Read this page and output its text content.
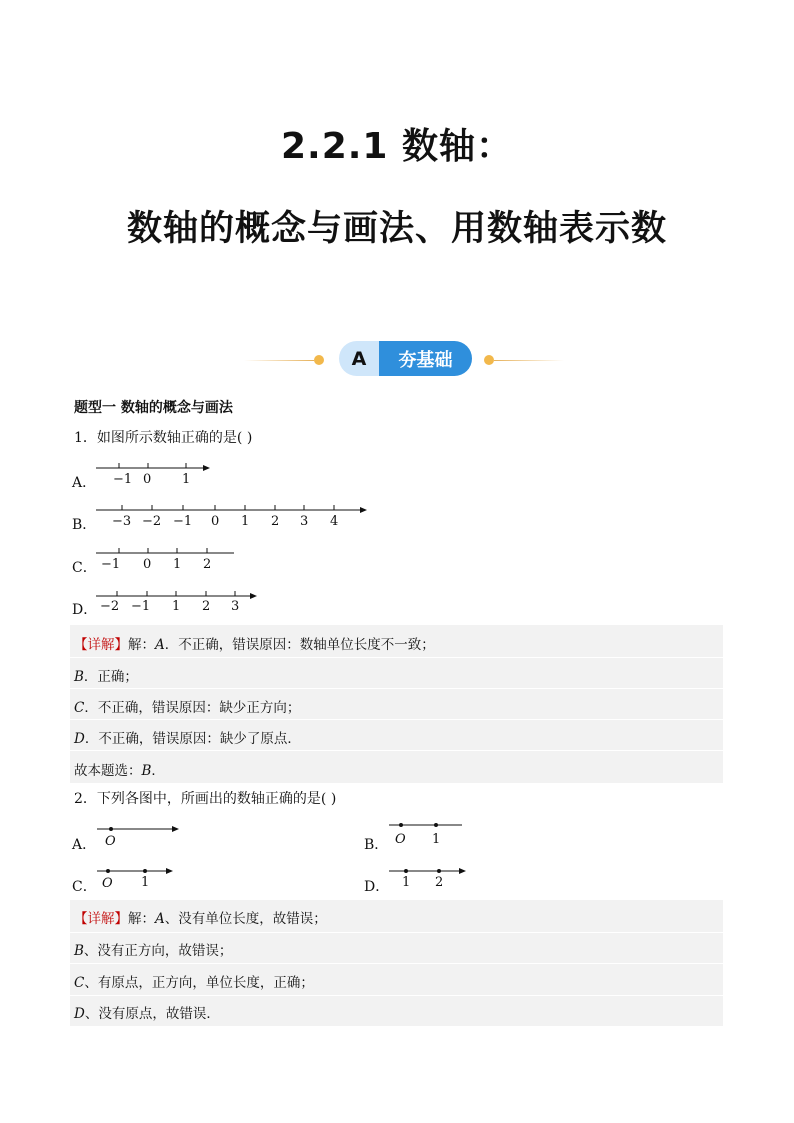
2.2.1 数轴：
数轴的概念与画法、用数轴表示数
A	夯基础
题型一 数轴的概念与画法
1．如图所示数轴正确的是( )
A． −1 0 1
B． −3 −2 −1 0 1 2 3 4
C． −1 0 1 2
D． −2 −1 1 2 3
【详解】解：A．不正确，错误原因：数轴单位长度不一致；
B．正确；
C．不正确，错误原因：缺少正方向；
D．不正确，错误原因：缺少了原点．
故本题选：B．
2．下列各图中，所画出的数轴正确的是( )
A． O	B． O 1
C． O 1	D． 1 2
【详解】解：A、没有单位长度，故错误；
B、没有正方向，故错误；
C、有原点，正方向，单位长度，正确；
D、没有原点，故错误．
